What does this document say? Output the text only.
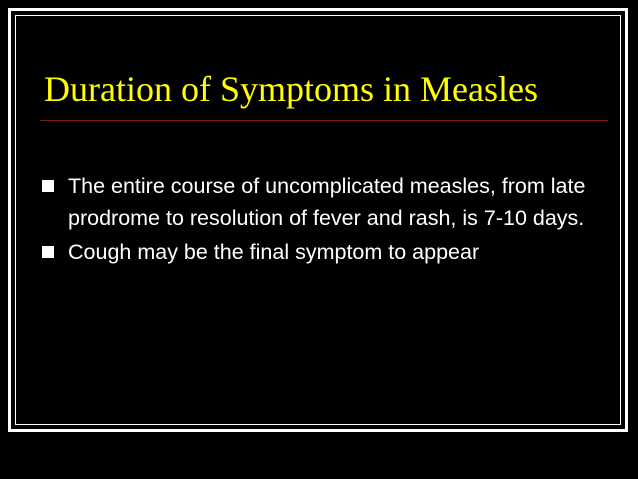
Duration of Symptoms in Measles
The entire course of uncomplicated measles, from late prodrome to resolution of fever and rash, is 7-10 days.
Cough may be the final symptom to appear
